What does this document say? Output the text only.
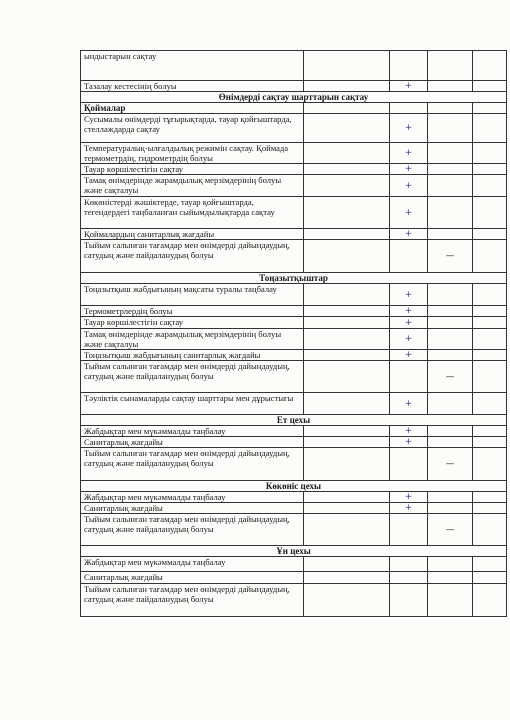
ындыстарын сақтау				
Тазалау кестесінің болуы		+		
Өнімдерді сақтау шарттарын сақтау				
Қоймалар				
Сусымалы өнімдерді тұғырықтарда, тауар қойғыштарда, стеллаждарда сақтау		+		
Температуралық-ылғалдылық режимін сақтау. Қоймада термометрдің, гидрометрдің болуы		+		
Тауар көршілестігін сақтау		+		
Тамақ өнімдерінде жарамдылық мерзімдерінің болуы және сақталуы		+		
Көкөністерді жәшіктерде, тауар қойғыштарда, тегендердегі таңбаланған сыйымдылықтарда сақтау		+		
Қоймалардың санитарлық жағдайы		+		
Тыйым салынған тағамдар мен өнімдерді дайындаудың, сатудың және пайдаланудың болуы			—	
Тоңазытқыштар				
Тоңазытқыш жабдығының мақсаты туралы таңбалау		+		
Термометрлердің болуы		+		
Тауар көршілестігін сақтау		+		
Тамақ өнімдерінде жарамдылық мерзімдерінің болуы және сақталуы		+		
Тоңазытқыш жабдығының санитарлық жағдайы		+		
Тыйым салынған тағамдар мен өнімдерді дайындаудың, сатудың және пайдаланудың болуы			—	
Тәуліктік сынамаларды сақтау шарттары мен дұрыстығы		+		
Ет цехы				
Жабдықтар мен мүкәммалды таңбалау		+		
Санитарлық жағдайы		+		
Тыйым салынған тағамдар мен өнімдерді дайындаудың, сатудың және пайдаланудың болуы			—	
Көкөніс цехы				
Жабдықтар мен мүкәммалды таңбалау		+		
Санитарлық жағдайы		+		
Тыйым салынған тағамдар мен өнімдерді дайындаудың, сатудың және пайдаланудың болуы			—	
Ұн цехы				
Жабдықтар мен мүкәммалды таңбалау				
Санитарлық жағдайы				
Тыйым салынған тағамдар мен өнімдерді дайындаудың, сатудың және пайдаланудың болуы				
